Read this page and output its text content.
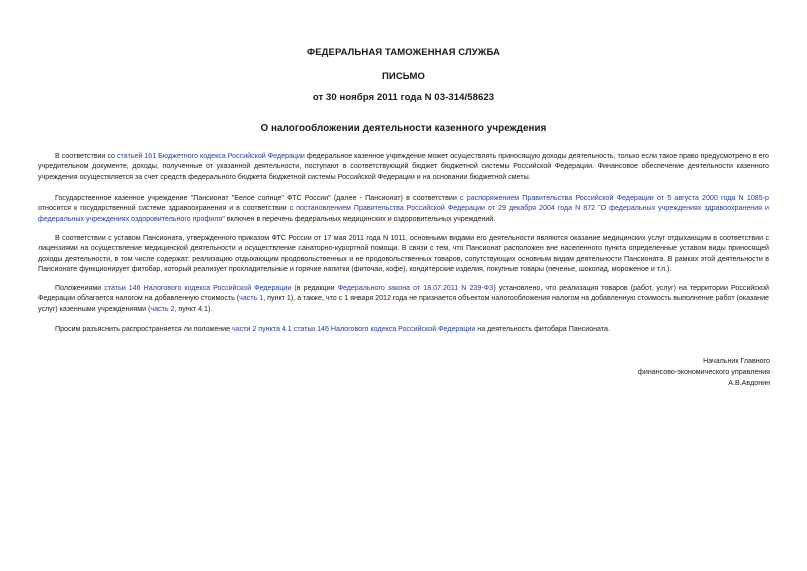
ФЕДЕРАЛЬНАЯ ТАМОЖЕННАЯ СЛУЖБА
ПИСЬМО
от 30 ноября 2011 года N 03-314/58623
О налогообложении деятельности казенного учреждения

В соответствии со статьей 161 Бюджетного кодекса Российской Федерации федеральное казенное учреждение может осуществлять приносящую доходы деятельность, только если такое право предусмотрено в его учредительном документе, доходы, полученные от указанной деятельности, поступают в соответствующий бюджет бюджетной системы Российской Федерации. Финансовое обеспечение деятельности казенного учреждения осуществляется за счет средств федерального бюджета бюджетной системы Российской Федерации и на основании бюджетной сметы.

Государственное казенное учреждение "Пансионат "Белое солнце" ФТС России" (далее - Пансионат) в соответствии с распоряжением Правительства Российской Федерации от 5 августа 2000 года N 1085-р относится к государственной системе здравоохранения и в соответствии с постановлением Правительства Российской Федерации от 29 декабря 2004 года N 872 "О федеральных учреждениях здравоохранения и федеральных учреждениях оздоровительного профиля" включен в перечень федеральных медицинских и оздоровительных учреждений.

В соответствии с уставом Пансионата, утвержденного приказом ФТС России от 17 мая 2011 года N 1011, основными видами его деятельности являются оказание медицинских услуг отдыхающим в соответствии с лицензиями на осуществление медицинской деятельности и осуществление санаторно-курортной помощи. В связи с тем, что Пансионат расположен вне населенного пункта определенные уставом виды приносящей доходы деятельности, в том числе содержат: реализацию отдыхающим продовольственных и не продовольственных товаров, сопутствующих основным видам деятельности Пансионата. В рамках этой деятельности в Пансионате функционирует фитобар, который реализует прохладительные и горячие напитки (фиточаи, кофе), кондитерские изделия, покупные товары (печенье, шоколад, мороженое и т.п.).

Положениями статьи 146 Налогового кодекса Российской Федерации (в редакции Федерального закона от 18.07.2011 N 239-ФЗ) установлено, что реализация товаров (работ, услуг) на территории Российской Федерации облагается налогом на добавленную стоимость (часть 1, пункт 1), а также, что с 1 января 2012 года не признается объектом налогообложения налогом на добавленную стоимость выполнение работ (оказание услуг) казенными учреждениями (часть 2, пункт 4.1).

Просим разъяснить распространяется ли положение части 2 пункта 4.1 статьи 146 Налогового кодекса Российской Федерации на деятельность фитобара Пансионата.

Начальник Главного
финансово-экономического управления
А.В.Авдонин
